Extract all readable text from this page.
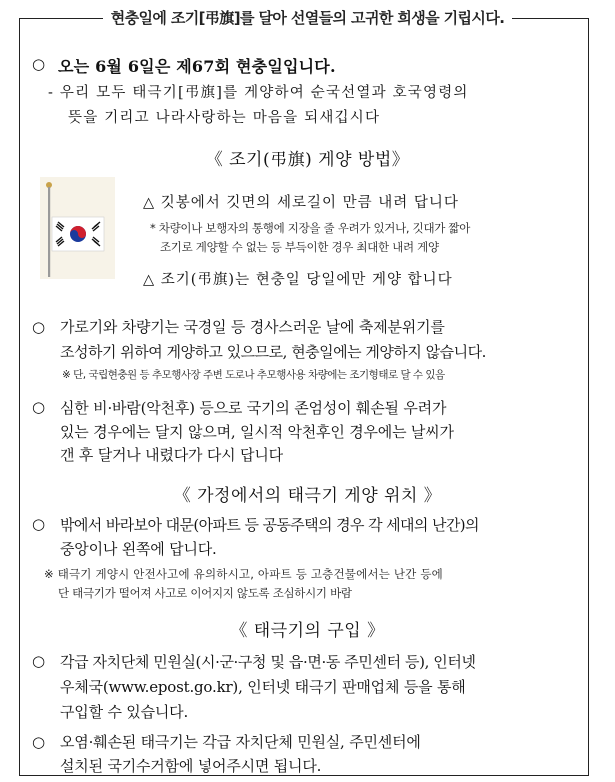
현충일에 조기[弔旗]를 달아 선열들의 고귀한 희생을 기립시다.
○ 오는 6월 6일은 제67회 현충일입니다.
- 우리 모두 태극기[弔旗]를 게양하여 순국선열과 호국영령의
뜻을 기리고 나라사랑하는 마음을 되새깁시다
《 조기(弔旗) 게양 방법》
△ 깃봉에서 깃면의 세로길이 만큼 내려 답니다
* 차량이나 보행자의 통행에 지장을 줄 우려가 있거나, 깃대가 짧아
조기로 게양할 수 없는 등 부득이한 경우 최대한 내려 게양
△ 조기(弔旗)는 현충일 당일에만 게양 합니다
○ 가로기와 차량기는 국경일 등 경사스러운 날에 축제분위기를
조성하기 위하여 게양하고 있으므로, 현충일에는 게양하지 않습니다.
※ 단, 국립현충원 등 추모행사장 주변 도로나 추모행사용 차량에는 조기형태로 달 수 있음
○ 심한 비·바람(악천후) 등으로 국기의 존엄성이 훼손될 우려가
있는 경우에는 달지 않으며, 일시적 악천후인 경우에는 날씨가
갠 후 달거나 내렸다가 다시 답니다
《 가정에서의 태극기 게양 위치 》
○ 밖에서 바라보아 대문(아파트 등 공동주택의 경우 각 세대의 난간)의
중앙이나 왼쪽에 답니다.
※ 태극기 게양시 안전사고에 유의하시고, 아파트 등 고층건물에서는 난간 등에
단 태극기가 떨어져 사고로 이어지지 않도록 조심하시기 바람
《 태극기의 구입 》
○ 각급 자치단체 민원실(시·군·구청 및 읍·면·동 주민센터 등), 인터넷
우체국(www.epost.go.kr), 인터넷 태극기 판매업체 등을 통해
구입할 수 있습니다.
○ 오염·훼손된 태극기는 각급 자치단체 민원실, 주민센터에
설치된 국기수거함에 넣어주시면 됩니다.
